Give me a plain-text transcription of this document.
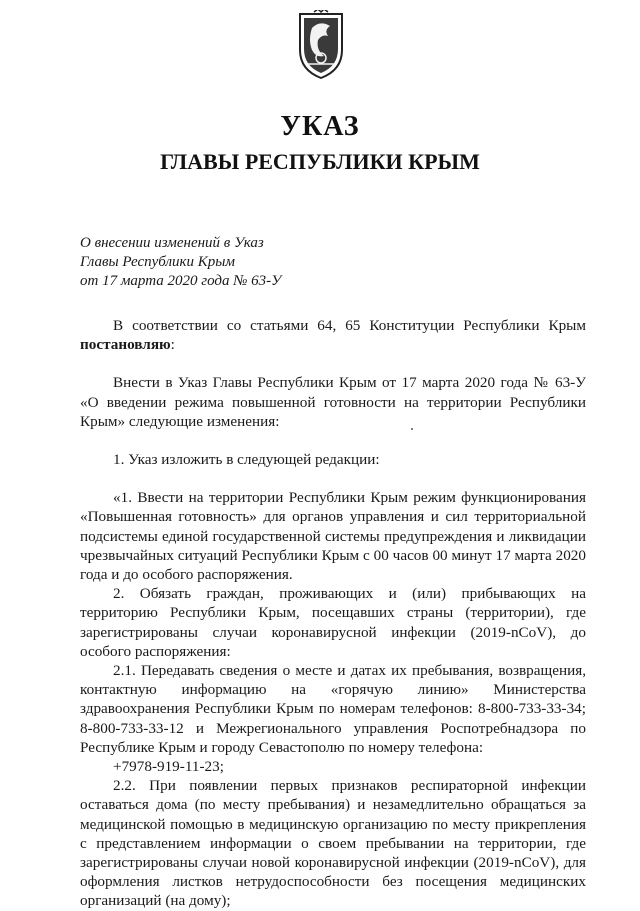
УКАЗ
ГЛАВЫ РЕСПУБЛИКИ КРЫМ
О внесении изменений в Указ
Главы Республики Крым
от 17 марта 2020 года № 63-У

В соответствии со статьями 64, 65 Конституции Республики Крым постановляю:

Внести в Указ Главы Республики Крым от 17 марта 2020 года № 63-У «О введении режима повышенной готовности на территории Республики Крым» следующие изменения:

1. Указ изложить в следующей редакции:

«1. Ввести на территории Республики Крым режим функционирования «Повышенная готовность» для органов управления и сил территориальной подсистемы единой государственной системы предупреждения и ликвидации чрезвычайных ситуаций Республики Крым с 00 часов 00 минут 17 марта 2020 года и до особого распоряжения.

2. Обязать граждан, проживающих и (или) прибывающих на территорию Республики Крым, посещавших страны (территории), где зарегистрированы случаи коронавирусной инфекции (2019-nCoV), до особого распоряжения:

2.1. Передавать сведения о месте и датах их пребывания, возвращения, контактную информацию на «горячую линию» Министерства здравоохранения Республики Крым по номерам телефонов: 8-800-733-33-34; 8-800-733-33-12 и Межрегионального управления Роспотребнадзора по Республике Крым и городу Севастополю по номеру телефона:

+7978-919-11-23;

2.2. При появлении первых признаков респираторной инфекции оставаться дома (по месту пребывания) и незамедлительно обращаться за медицинской помощью в медицинскую организацию по месту прикрепления с представлением информации о своем пребывании на территории, где зарегистрированы случаи новой коронавирусной инфекции (2019-nCoV), для оформления листков нетрудоспособности без посещения медицинских организаций (на дому);
